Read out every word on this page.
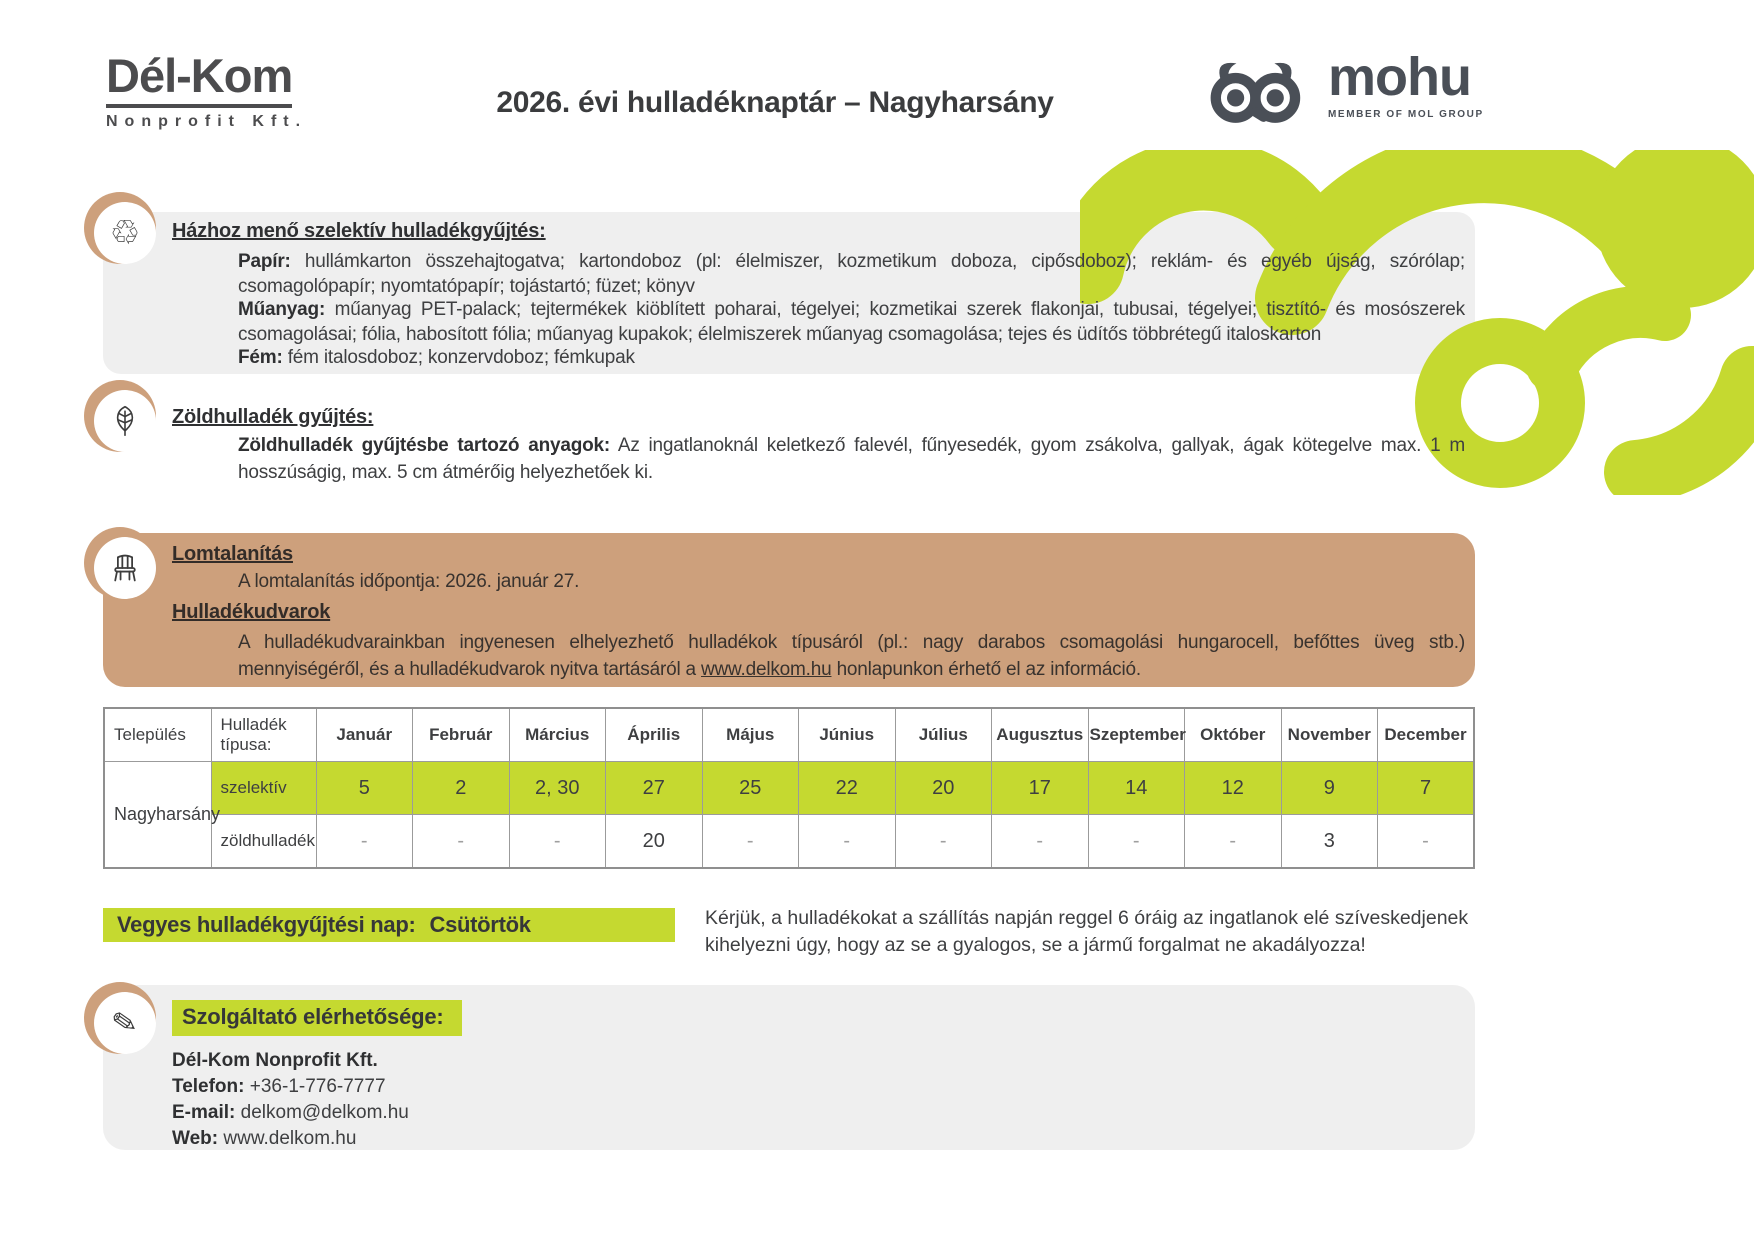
Dél-Kom
Nonprofit Kft.
2026. évi hulladéknaptár – Nagyharsány	mohu
MEMBER OF MOL GROUP
♲ Házhoz menő szelektív hulladékgyűjtés:

Papír: hullámkarton összehajtogatva; kartondoboz (pl: élelmiszer, kozmetikum doboza, cipősdoboz); reklám- és egyéb újság, szórólap; csomagolópapír; nyomtatópapír; tojástartó; füzet; könyv

Műanyag: műanyag PET-palack; tejtermékek kiöblített poharai, tégelyei; kozmetikai szerek flakonjai, tubusai, tégelyei; tisztító- és mosószerek csomagolásai; fólia, habosított fólia; műanyag kupakok; élelmiszerek műanyag csomagolása; tejes és üdítős többrétegű italoskarton

Fém: fém italosdoboz; konzervdoboz; fémkupak

Zöldhulladék gyűjtés:

Zöldhulladék gyűjtésbe tartozó anyagok: Az ingatlanoknál keletkező falevél, fűnyesedék, gyom zsákolva, gallyak, ágak kötegelve max. 1 m hosszúságig, max. 5 cm átmérőig helyezhetőek ki.

Lomtalanítás

A lomtalanítás időpontja: 2026. január 27.

Hulladékudvarok

A hulladékudvarainkban ingyenesen elhelyezhető hulladékok típusáról (pl.: nagy darabos csomagolási hungarocell, befőttes üveg stb.) mennyiségéről, és a hulladékudvarok nyitva tartásáról a www.delkom.hu honlapunkon érhető el az információ.

Település	Hulladék típusa:	Január	Február	Március	Április	Május	Június	Július	Augusztus	Szeptember	Október	November	December
Nagyharsány	szelektív	5	2	2, 30	27	25	22	20	17	14	12	9	7
	zöldhulladék	-	-	-	20	-	-	-	-	-	-	3	-
Vegyes hulladékgyűjtési nap: Csütörtök	Kérjük, a hulladékokat a szállítás napján reggel 6 óráig az ingatlanok elé szíveskedjenek kihelyezni úgy, hogy az se a gyalogos, se a jármű forgalmat ne akadályozza!
✎	Szolgáltató elérhetősége:
Dél-Kom Nonprofit Kft.
Telefon: +36-1-776-7777
E-mail: delkom@delkom.hu
Web: www.delkom.hu
